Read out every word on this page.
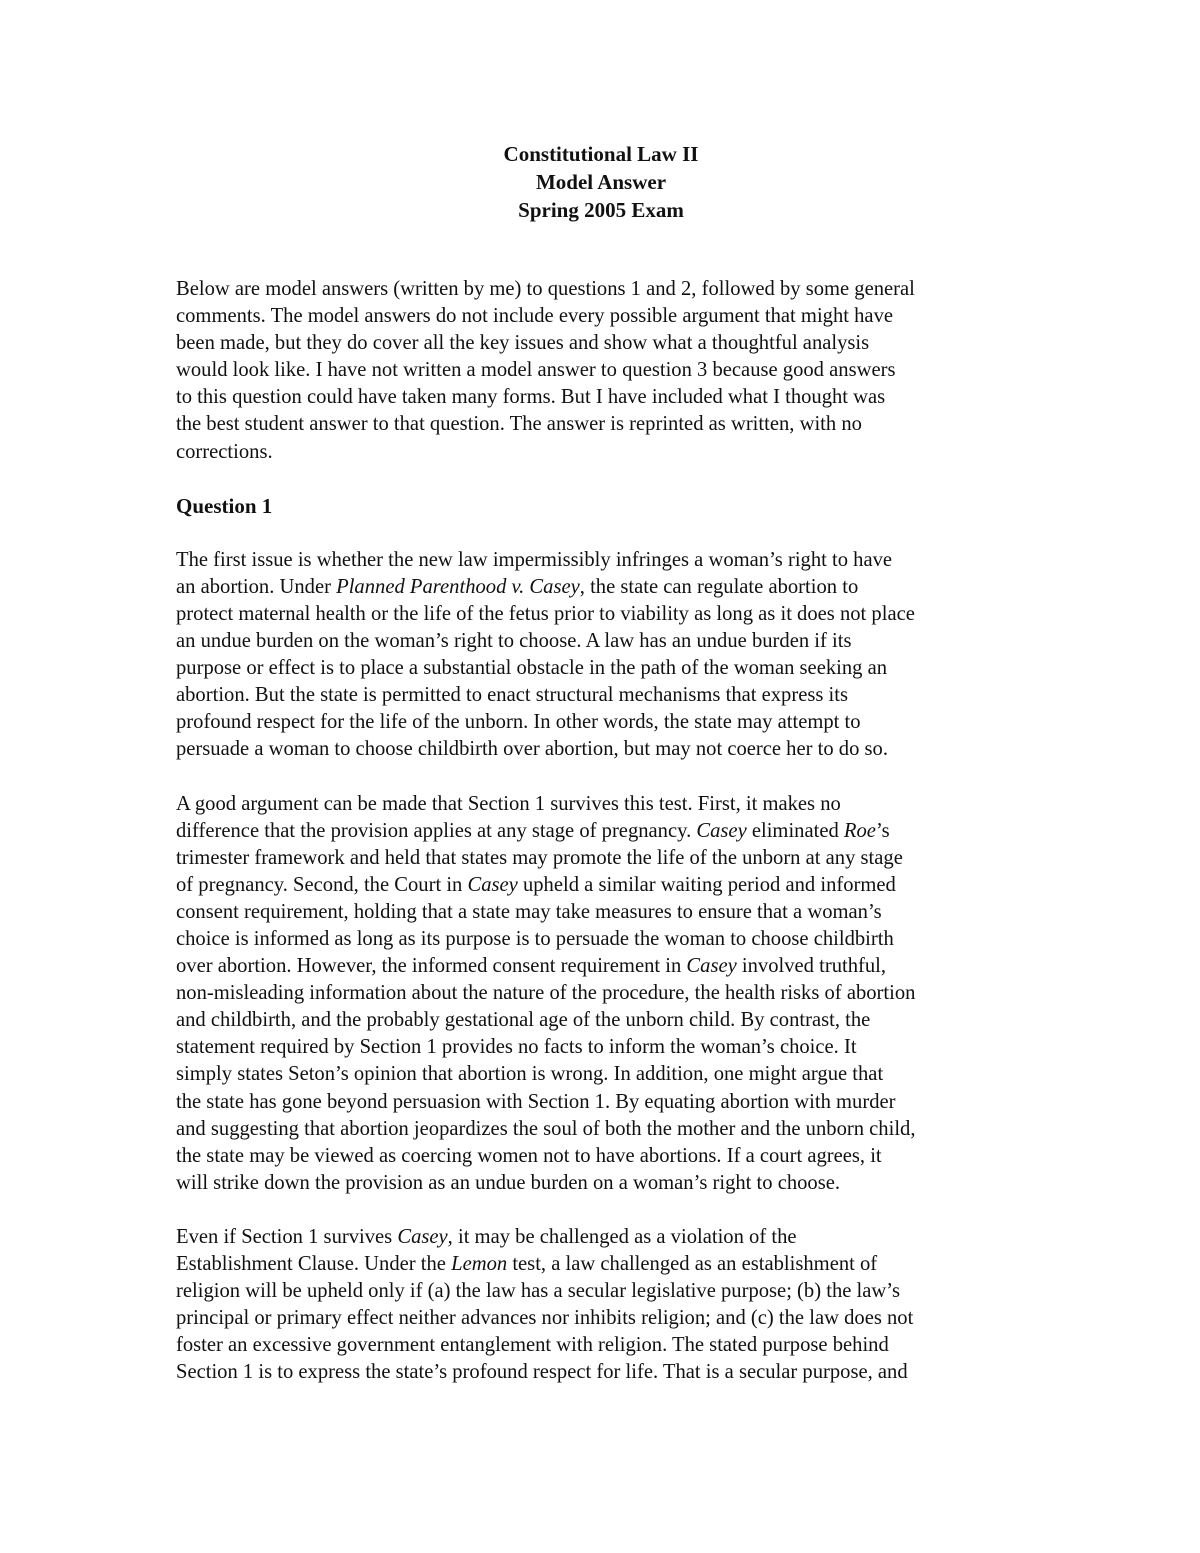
Constitutional Law II
Model Answer
Spring 2005 Exam

Below are model answers (written by me) to questions 1 and 2, followed by some general
comments. The model answers do not include every possible argument that might have
been made, but they do cover all the key issues and show what a thoughtful analysis
would look like. I have not written a model answer to question 3 because good answers
to this question could have taken many forms. But I have included what I thought was
the best student answer to that question. The answer is reprinted as written, with no
corrections.

Question 1

The first issue is whether the new law impermissibly infringes a woman’s right to have
an abortion. Under Planned Parenthood v. Casey, the state can regulate abortion to
protect maternal health or the life of the fetus prior to viability as long as it does not place
an undue burden on the woman’s right to choose. A law has an undue burden if its
purpose or effect is to place a substantial obstacle in the path of the woman seeking an
abortion. But the state is permitted to enact structural mechanisms that express its
profound respect for the life of the unborn. In other words, the state may attempt to
persuade a woman to choose childbirth over abortion, but may not coerce her to do so.

A good argument can be made that Section 1 survives this test. First, it makes no
difference that the provision applies at any stage of pregnancy. Casey eliminated Roe’s
trimester framework and held that states may promote the life of the unborn at any stage
of pregnancy. Second, the Court in Casey upheld a similar waiting period and informed
consent requirement, holding that a state may take measures to ensure that a woman’s
choice is informed as long as its purpose is to persuade the woman to choose childbirth
over abortion. However, the informed consent requirement in Casey involved truthful,
non-misleading information about the nature of the procedure, the health risks of abortion
and childbirth, and the probably gestational age of the unborn child. By contrast, the
statement required by Section 1 provides no facts to inform the woman’s choice. It
simply states Seton’s opinion that abortion is wrong. In addition, one might argue that
the state has gone beyond persuasion with Section 1. By equating abortion with murder
and suggesting that abortion jeopardizes the soul of both the mother and the unborn child,
the state may be viewed as coercing women not to have abortions. If a court agrees, it
will strike down the provision as an undue burden on a woman’s right to choose.

Even if Section 1 survives Casey, it may be challenged as a violation of the
Establishment Clause. Under the Lemon test, a law challenged as an establishment of
religion will be upheld only if (a) the law has a secular legislative purpose; (b) the law’s
principal or primary effect neither advances nor inhibits religion; and (c) the law does not
foster an excessive government entanglement with religion. The stated purpose behind
Section 1 is to express the state’s profound respect for life. That is a secular purpose, and
